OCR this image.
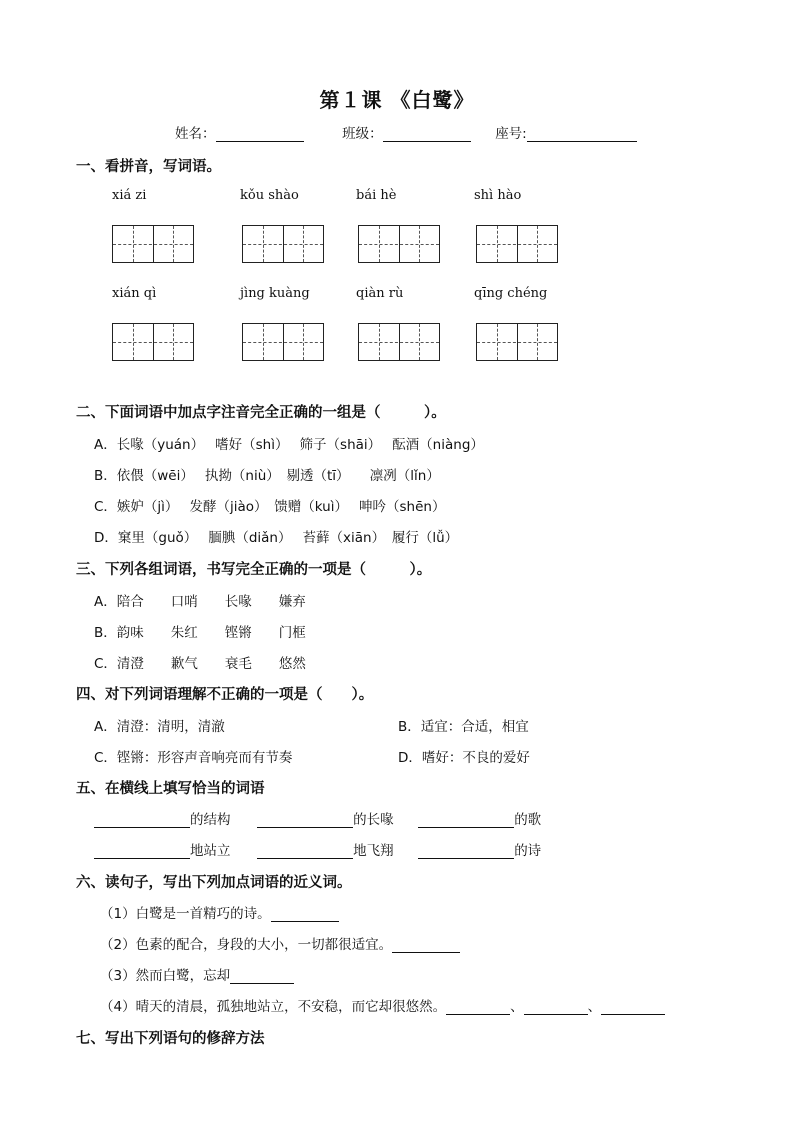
第１课 《白鹭》
姓名：	班级：	座号:
一、看拼音，写词语。
xiá zi	kǒu shào	bái hè	shì hào
xián qì	jìng kuàng	qiàn rù	qīng chéng
二、下面词语中加点字注音完全正确的一组是（　　　）。
A．长喙（yuán）　 嗜好（shì）　 筛子（shāi）　 酝酒（niàng）
B．依偎（wēi）　 执拗（niù）　剔透（tī）　　凛冽（lǐn）
C．嫉妒（jì）　 发酵（jiào）　馈赠（kuì）　 呻吟（shēn）
D．窠里（guǒ）　 腼腆（diǎn）　 苔藓（xiān）　履行（lǚ）
三、下列各组词语，书写完全正确的一项是（　　　）。
A．陪合　　口哨　　长喙　　嫌弃
B．韵味　　朱红　　铿锵　　门框
C．清澄　　歉气　　衰毛　　悠然
四、对下列词语理解不正确的一项是（　　）。
A．清澄：清明，清澈	B．适宜：合适，相宜
C．铿锵：形容声音响亮而有节奏	D．嗜好：不良的爱好
五、在横线上填写恰当的词语
的结构	的长喙	的歌
地站立	地飞翔	的诗
六、读句子，写出下列加点词语的近义词。
（1）白鹭是一首精巧的诗。
（2）色素的配合，身段的大小，一切都很适宜。
（3）然而白鹭，忘却
（4）晴天的清晨，孤独地站立，不安稳，而它却很悠然。	、	、
七、写出下列语句的修辞方法
